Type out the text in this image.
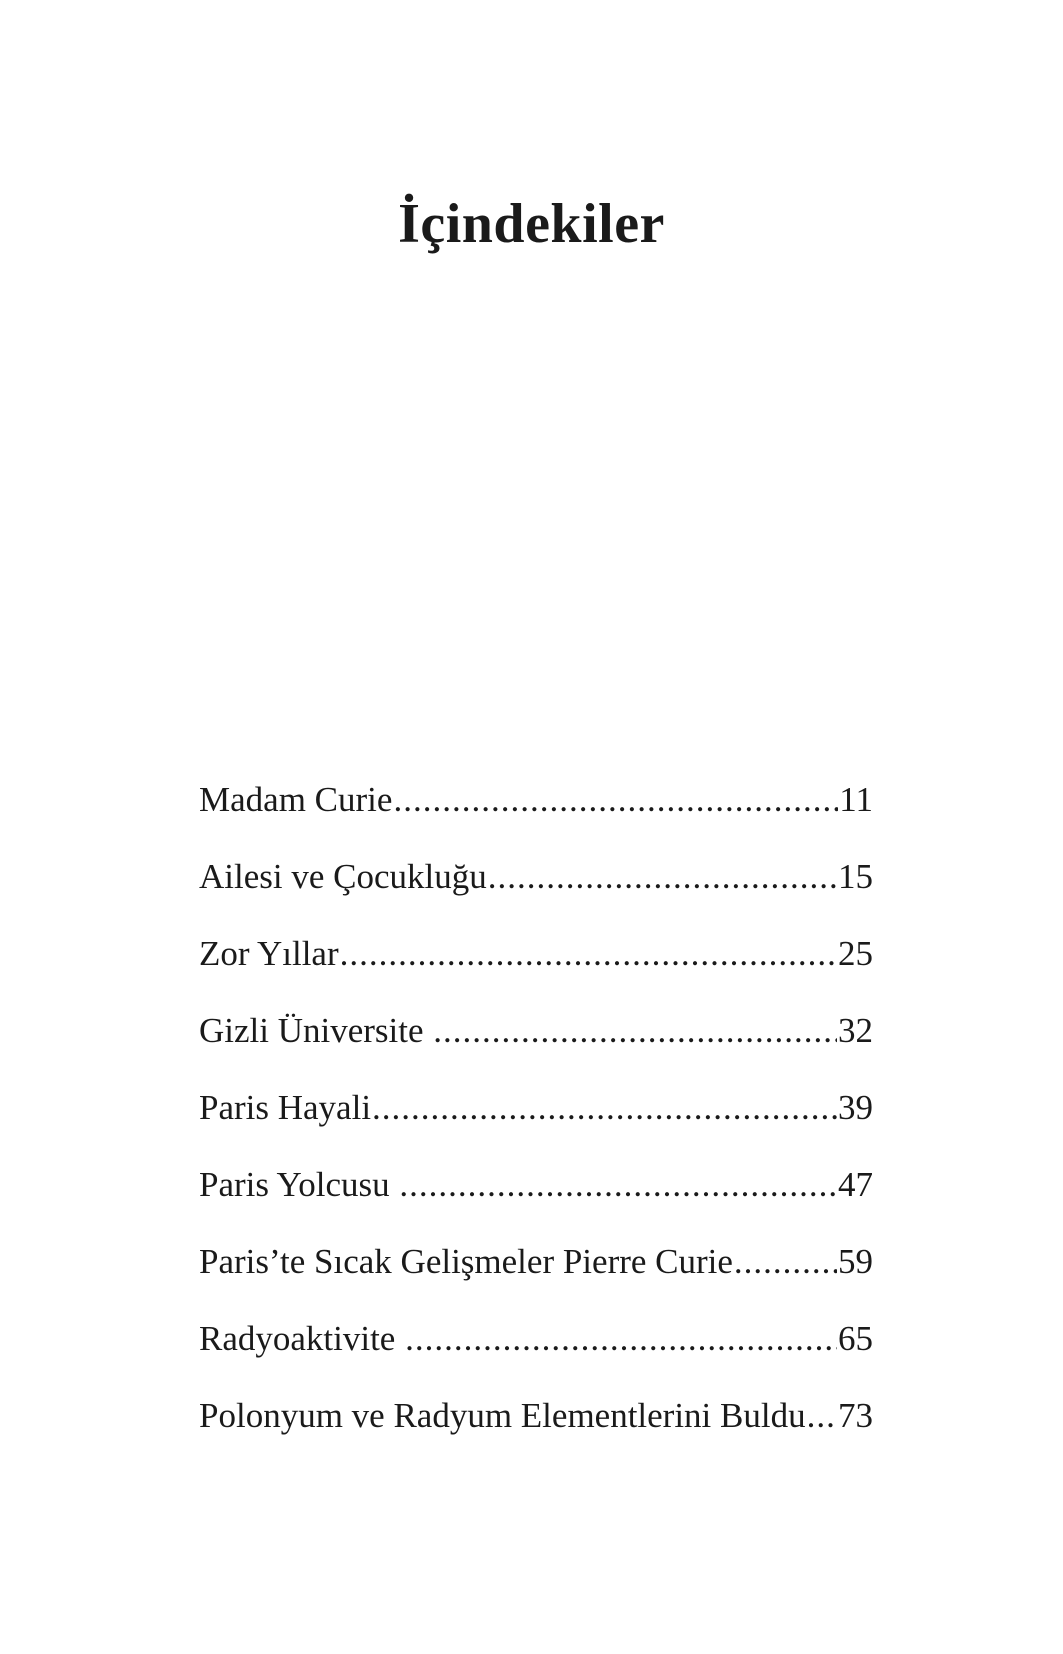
İçindekiler
Madam Curie .....	11
Ailesi ve Çocukluğu .....	15
Zor Yıllar .....	25
Gizli Üniversite .....	32
Paris Hayali .....	39
Paris Yolcusu .....	47
Paris’te Sıcak Gelişmeler Pierre Curie .....	59
Radyoaktivite .....	65
Polonyum ve Radyum Elementlerini Buldu ..... 73
